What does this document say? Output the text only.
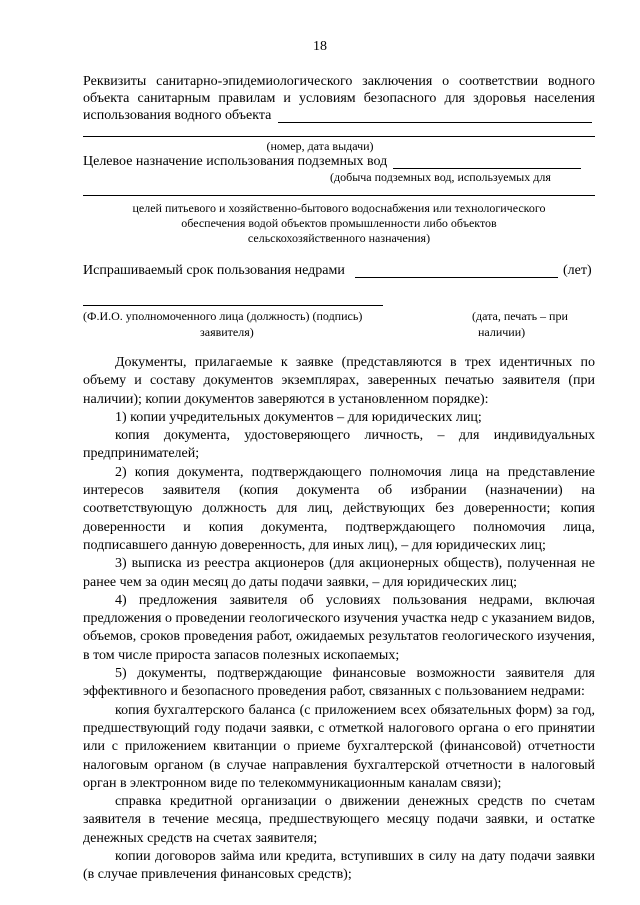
18

Реквизиты санитарно-эпидемиологического заключения о соответствии водного

объекта санитарным правилам и условиям безопасного для здоровья населения

использования водного объекта
(номер, дата выдачи)
Целевое назначение использования подземных вод
(добыча подземных вод, используемых для
целей питьевого и хозяйственно-бытового водоснабжения или технологического
обеспечения водой объектов промышленности либо объектов
сельскохозяйственного назначения)
Испрашиваемый срок пользования недрами	(лет)
(Ф.И.О. уполномоченного лица (должность) (подпись)
заявителя)
(дата, печать – при
наличии)

Документы, прилагаемые к заявке (представляются в трех идентичных по объему и составу документов экземплярах, заверенных печатью заявителя (при наличии); копии документов заверяются в установленном порядке):

1) копии учредительных документов – для юридических лиц;

копия документа, удостоверяющего личность, – для индивидуальных предпринимателей;

2) копия документа, подтверждающего полномочия лица на представление интересов заявителя (копия документа об избрании (назначении) на соответствующую должность для лиц, действующих без доверенности; копия доверенности и копия документа, подтверждающего полномочия лица, подписавшего данную доверенность, для иных лиц), – для юридических лиц;

3) выписка из реестра акционеров (для акционерных обществ), полученная не ранее чем за один месяц до даты подачи заявки, – для юридических лиц;

4) предложения заявителя об условиях пользования недрами, включая предложения о проведении геологического изучения участка недр с указанием видов, объемов, сроков проведения работ, ожидаемых результатов геологического изучения, в том числе прироста запасов полезных ископаемых;

5) документы, подтверждающие финансовые возможности заявителя для эффективного и безопасного проведения работ, связанных с пользованием недрами:

копия бухгалтерского баланса (с приложением всех обязательных форм) за год, предшествующий году подачи заявки, с отметкой налогового органа о его принятии или с приложением квитанции о приеме бухгалтерской (финансовой) отчетности налоговым органом (в случае направления бухгалтерской отчетности в налоговый орган в электронном виде по телекоммуникационным каналам связи);

справка кредитной организации о движении денежных средств по счетам заявителя в течение месяца, предшествующего месяцу подачи заявки, и остатке денежных средств на счетах заявителя;

копии договоров займа или кредита, вступивших в силу на дату подачи заявки (в случае привлечения финансовых средств);
